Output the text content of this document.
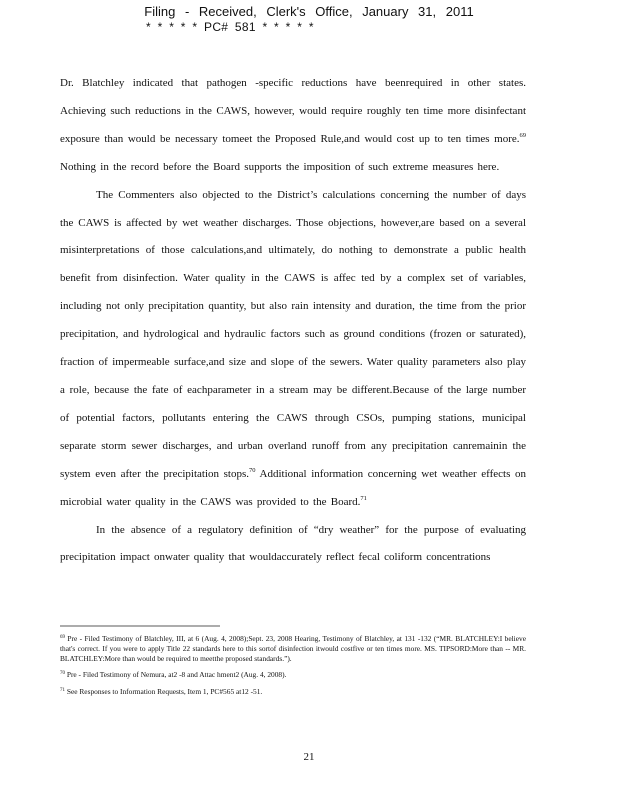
Filing - Received, Clerk's Office, January 31, 2011
* * * * * PC# 581 * * * * *

Dr. Blatchley indicated that pathogen -specific reductions have beenrequired in other states. Achieving such reductions in the CAWS, however, would require roughly ten time more disinfectant exposure than would be necessary tomeet the Proposed Rule,and would cost up to ten times more.$^{69}$ Nothing in the record before the Board supports the imposition of such extreme measures here.

The Commenters also objected to the District’s calculations concerning the number of days the CAWS is affected by wet weather discharges. Those objections, however,are based on a several misinterpretations of those calculations,and ultimately, do nothing to demonstrate a public health benefit from disinfection. Water quality in the CAWS is affec ted by a complex set of variables, including not only precipitation quantity, but also rain intensity and duration, the time from the prior precipitation, and hydrological and hydraulic factors such as ground conditions (frozen or saturated), fraction of impermeable surface,and size and slope of the sewers. Water quality parameters also play a role, because the fate of eachparameter in a stream may be different.Because of the large number of potential factors, pollutants entering the CAWS through CSOs, pumping stations, municipal separate storm sewer discharges, and urban overland runoff from any precipitation canremainin the system even after the precipitation stops.$^{70}$ Additional information concerning wet weather effects on microbial water quality in the CAWS was provided to the Board.$^{71}$

In the absence of a regulatory definition of “dry weather” for the purpose of evaluating precipitation impact onwater quality that wouldaccurately reflect fecal coliform concentrations

$^{69}$ Pre - Filed Testimony of Blatchley, III, at 6 (Aug. 4, 2008);Sept. 23, 2008 Hearing, Testimony of Blatchley, at 131 -132 (“MR. BLATCHLEY:I believe that's correct. If you were to apply Title 22 standards here to this sortof disinfection itwould costfive or ten times more. MS. TIPSORD:More than -- MR. BLATCHLEY:More than would be required to meetthe proposed standards.”).

$^{70}$ Pre - Filed Testimony of Nemura, at2 -8 and Attac hment2 (Aug. 4, 2008).

$^{71}$ See Responses to Information Requests, Item 1, PC#565 at12 -51.

21
